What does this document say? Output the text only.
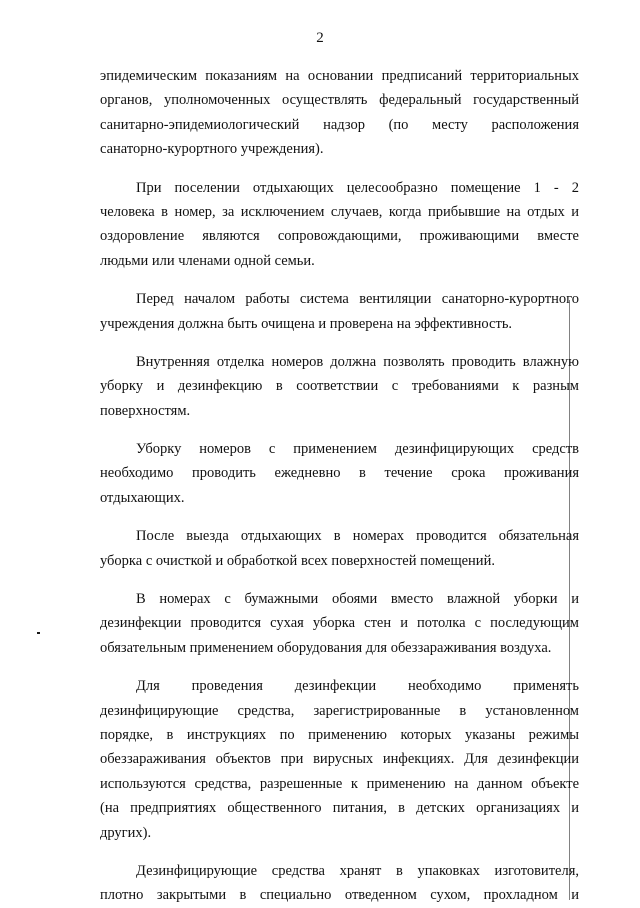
2
эпидемическим показаниям на основании предписаний территориальных
органов, уполномоченных осуществлять федеральный государственный
санитарно-эпидемиологический надзор (по месту расположения
санаторно-курортного учреждения).
При поселении отдыхающих целесообразно помещение 1 - 2
человека в номер, за исключением случаев, когда прибывшие на отдых и
оздоровление являются сопровождающими, проживающими вместе
людьми или членами одной семьи.
Перед началом работы система вентиляции санаторно-курортного
учреждения должна быть очищена и проверена на эффективность.
Внутренняя отделка номеров должна позволять проводить влажную
уборку и дезинфекцию в соответствии с требованиями к разным
поверхностям.
Уборку номеров с применением дезинфицирующих средств
необходимо проводить ежедневно в течение срока проживания
отдыхающих.
После выезда отдыхающих в номерах проводится обязательная
уборка с очисткой и обработкой всех поверхностей помещений.
В номерах с бумажными обоями вместо влажной уборки и
дезинфекции проводится сухая уборка стен и потолка с последующим
обязательным применением оборудования для обеззараживания воздуха.
Для проведения дезинфекции необходимо применять
дезинфицирующие средства, зарегистрированные в установленном
порядке, в инструкциях по применению которых указаны режимы
обеззараживания объектов при вирусных инфекциях. Для дезинфекции
используются средства, разрешенные к применению на данном объекте
(на предприятиях общественного питания, в детских организациях и
других).
Дезинфицирующие средства хранят в упаковках изготовителя,
плотно закрытыми в специально отведенном сухом, прохладном и
